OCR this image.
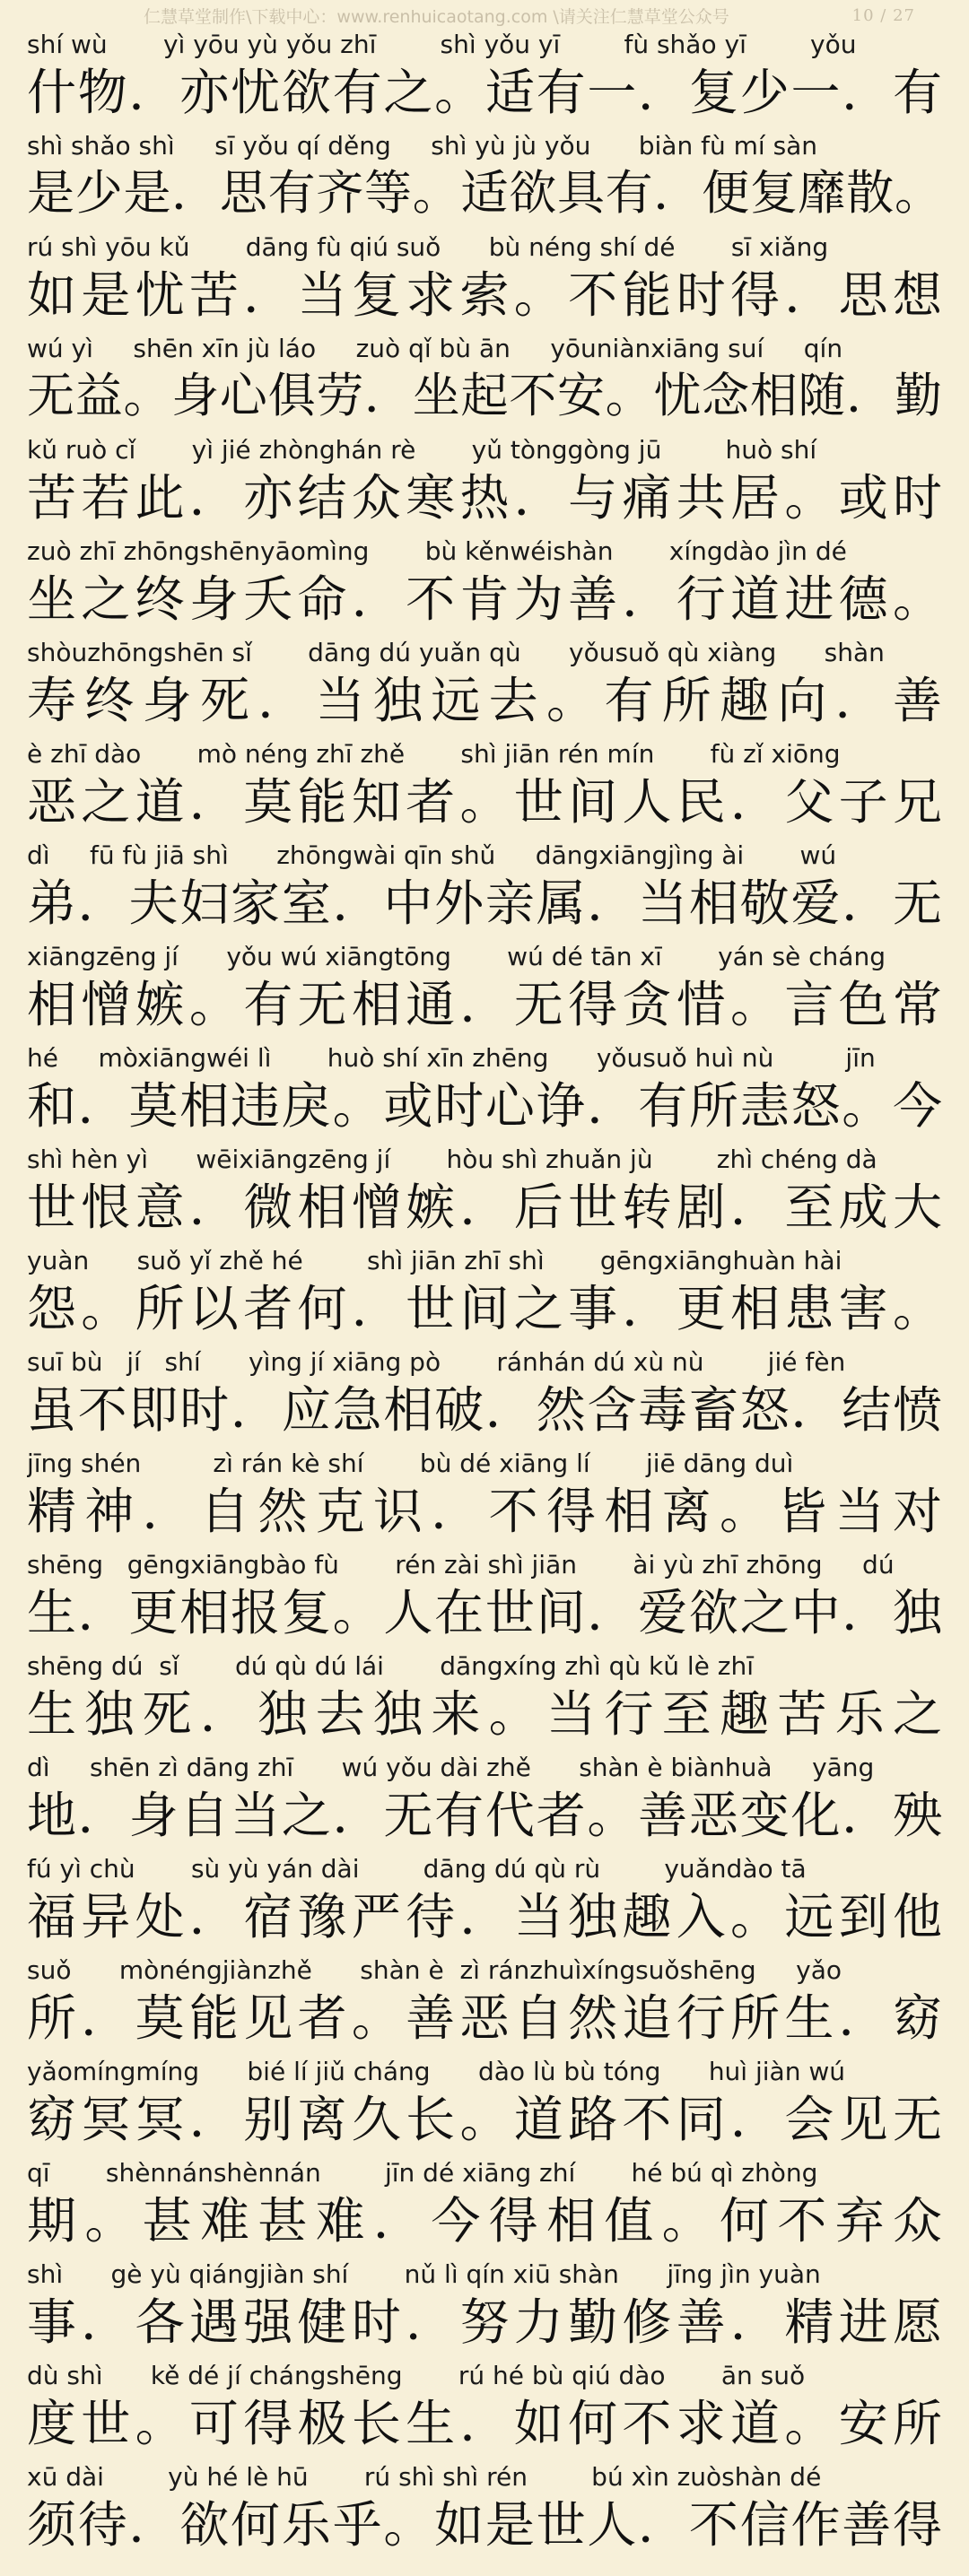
仁慧草堂制作\下载中心：www.renhuicaotang.com \请关注仁慧草堂公众号	10 / 27
shí wù       yì yōu yù yǒu zhī        shì yǒu yī        fù shǎo yī        yǒu
什物．亦忧欲有之。适有一．复少一．有
shì shǎo shì     sī yǒu qí děng     shì yù jù yǒu      biàn fù mí sàn
是少是．思有齐等。适欲具有．便复靡散。
rú shì yōu kǔ       dāng fù qiú suǒ      bù néng shí dé       sī xiǎng
如是忧苦．当复求索。不能时得．思想
wú yì     shēn xīn jù láo     zuò qǐ bù ān     yōuniànxiāng suí     qín
无益。身心俱劳．坐起不安。忧念相随．勤
kǔ ruò cǐ       yì jié zhònghán rè       yǔ tònggòng jū        huò shí
苦若此．亦结众寒热．与痛共居。或时
zuò zhī zhōngshēnyāomìng       bù kěnwéishàn       xíngdào jìn dé
坐之终身夭命．不肯为善．行道进德。
shòuzhōngshēn sǐ       dāng dú yuǎn qù      yǒusuǒ qù xiàng      shàn
寿终身死．当独远去。有所趣向．善
è zhī dào       mò néng zhī zhě       shì jiān rén mín       fù zǐ xiōng
恶之道．莫能知者。世间人民．父子兄
dì     fū fù jiā shì      zhōngwài qīn shǔ     dāngxiāngjìng ài       wú
弟．夫妇家室．中外亲属．当相敬爱．无
xiāngzēng jí      yǒu wú xiāngtōng       wú dé tān xī       yán sè cháng
相憎嫉。有无相通．无得贪惜。言色常
hé     mòxiāngwéi lì       huò shí xīn zhēng      yǒusuǒ huì nù         jīn
和．莫相违戾。或时心诤．有所恚怒。今
shì hèn yì      wēixiāngzēng jí       hòu shì zhuǎn jù        zhì chéng dà
世恨意．微相憎嫉．后世转剧．至成大
yuàn      suǒ yǐ zhě hé        shì jiān zhī shì       gēngxiānghuàn hài
怨。所以者何．世间之事．更相患害。
suī bù   jí   shí      yìng jí xiāng pò       ránhán dú xù nù        jié fèn
虽不即时．应急相破．然含毒畜怒．结愤
jīng shén         zì rán kè shí       bù dé xiāng lí       jiē dāng duì
精神．自然克识．不得相离。皆当对
shēng   gēngxiāngbào fù       rén zài shì jiān       ài yù zhī zhōng     dú
生．更相报复。人在世间．爱欲之中．独
shēng dú  sǐ       dú qù dú lái       dāngxíng zhì qù kǔ lè zhī
生独死．独去独来。当行至趣苦乐之
dì     shēn zì dāng zhī      wú yǒu dài zhě      shàn è biànhuà     yāng
地．身自当之．无有代者。善恶变化．殃
fú yì chù       sù yù yán dài        dāng dú qù rù        yuǎndào tā
福异处．宿豫严待．当独趣入。远到他
suǒ      mònéngjiànzhě      shàn è  zì ránzhuìxíngsuǒshēng     yǎo
所．莫能见者。善恶自然追行所生．窈
yǎomíngmíng      bié lí jiǔ cháng      dào lù bù tóng      huì jiàn wú
窈冥冥．别离久长。道路不同．会见无
qī       shènnánshènnán        jīn dé xiāng zhí       hé bú qì zhòng
期。甚难甚难．今得相值。何不弃众
shì      gè yù qiángjiàn shí       nǔ lì qín xiū shàn      jīng jìn yuàn
事．各遇强健时．努力勤修善．精进愿
dù shì      kě dé jí chángshēng       rú hé bù qiú dào       ān suǒ
度世。可得极长生．如何不求道。安所
xū dài        yù hé lè hū       rú shì shì rén        bú xìn zuòshàn dé
须待．欲何乐乎。如是世人．不信作善得
